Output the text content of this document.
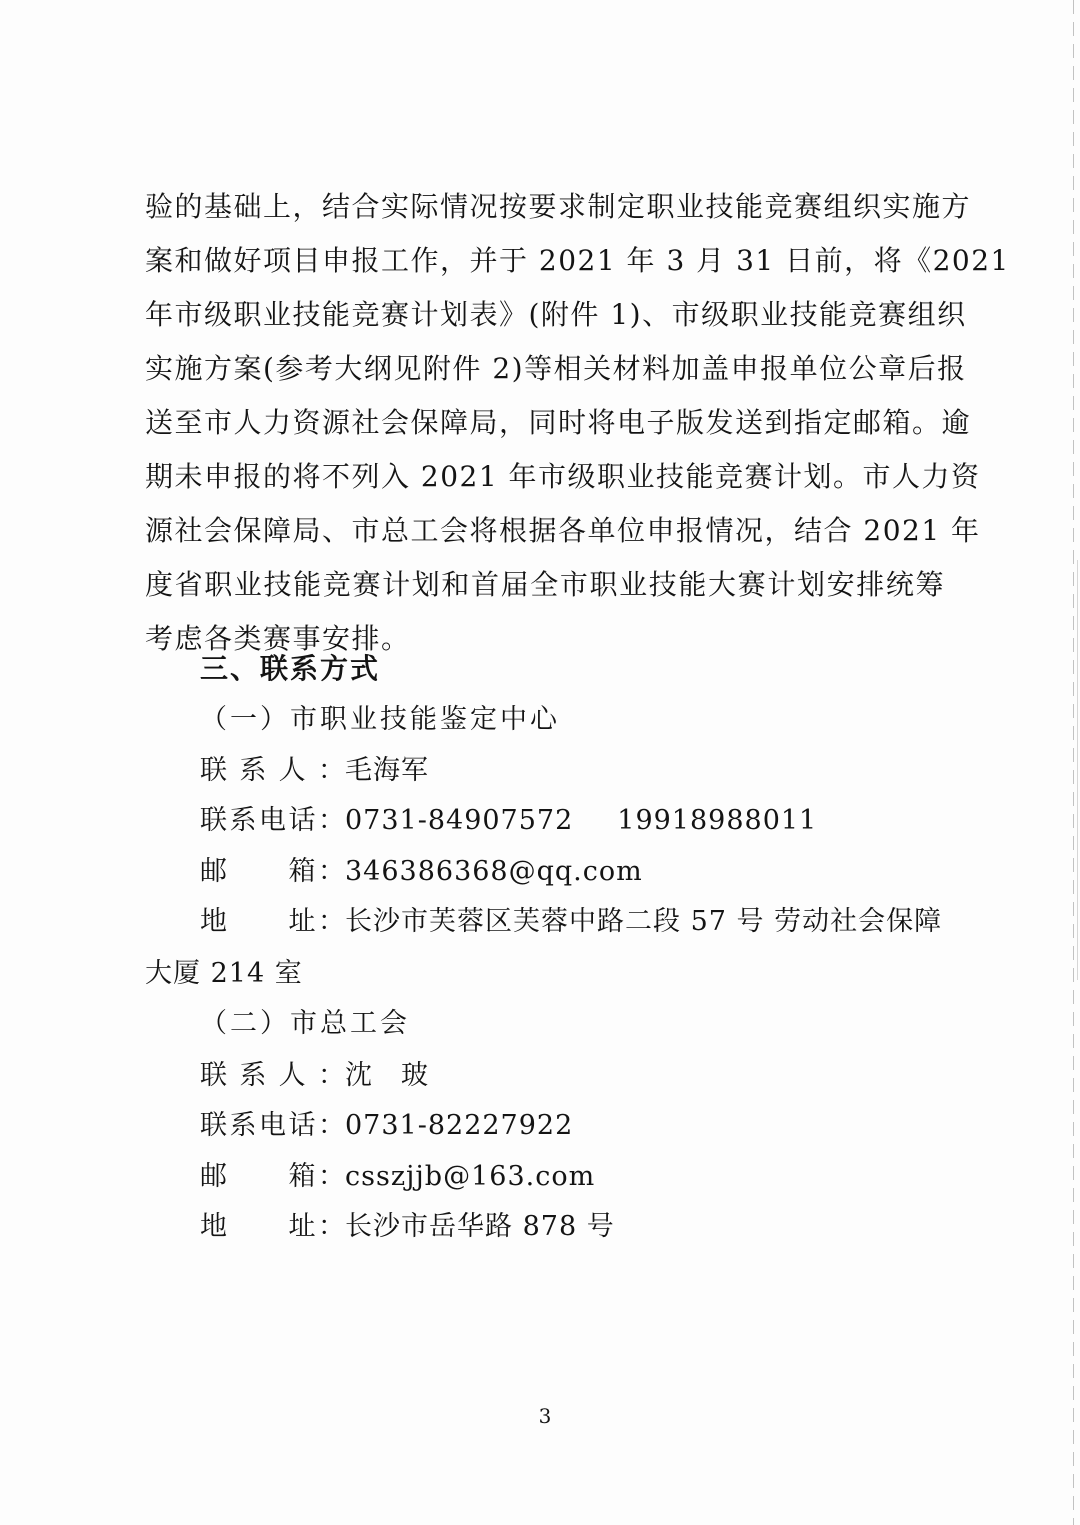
验的基础上，结合实际情况按要求制定职业技能竞赛组织实施方
案和做好项目申报工作，并于 2021 年 3 月 31 日前，将《2021
年市级职业技能竞赛计划表》(附件 1)、市级职业技能竞赛组织
实施方案(参考大纲见附件 2)等相关材料加盖申报单位公章后报
送至市人力资源社会保障局，同时将电子版发送到指定邮箱。逾
期未申报的将不列入 2021 年市级职业技能竞赛计划。市人力资
源社会保障局、市总工会将根据各单位申报情况，结合 2021 年
度省职业技能竞赛计划和首届全市职业技能大赛计划安排统筹
考虑各类赛事安排。
三、联系方式
（一）市职业技能鉴定中心
联系人：毛海军
联系电话：0731-84907572 19918988011
邮　　箱：346386368@qq.com
地　　址：长沙市芙蓉区芙蓉中路二段 57 号 劳动社会保障
大厦 214 室
（二）市总工会
联系人：沈　玻
联系电话：0731-82227922
邮　　箱：csszjjb@163.com
地　　址：长沙市岳华路 878 号
3
